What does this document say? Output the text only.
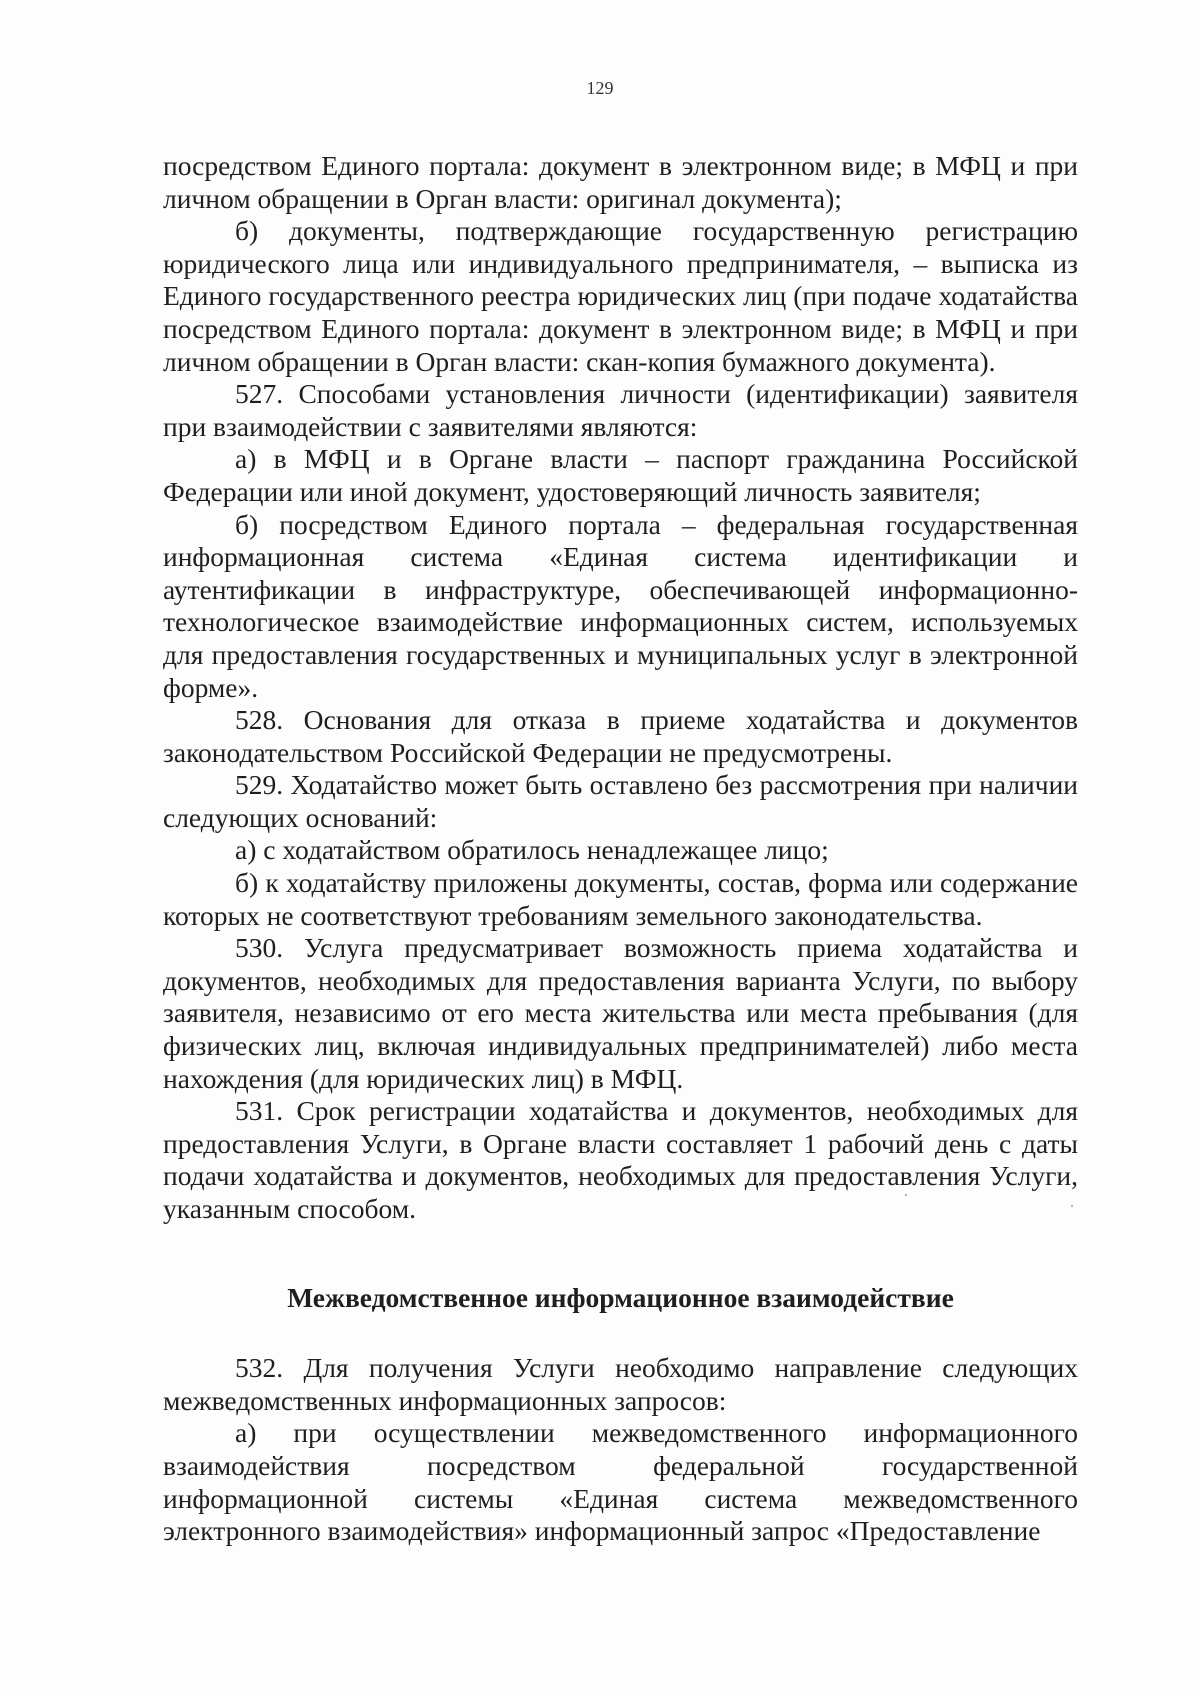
129

посредством Единого портала: документ в электронном виде; в МФЦ и при личном обращении в Орган власти: оригинал документа);

б) документы, подтверждающие государственную регистрацию юридического лица или индивидуального предпринимателя, – выписка из Единого государственного реестра юридических лиц (при подаче ходатайства посредством Единого портала: документ в электронном виде; в МФЦ и при личном обращении в Орган власти: скан-копия бумажного документа).

527. Способами установления личности (идентификации) заявителя при взаимодействии с заявителями являются:

а) в МФЦ и в Органе власти – паспорт гражданина Российской Федерации или иной документ, удостоверяющий личность заявителя;

б) посредством Единого портала – федеральная государственная информационная система «Единая система идентификации и аутентификации в инфраструктуре, обеспечивающей информационно-технологическое взаимодействие информационных систем, используемых для предоставления государственных и муниципальных услуг в электронной форме».

528. Основания для отказа в приеме ходатайства и документов законодательством Российской Федерации не предусмотрены.

529. Ходатайство может быть оставлено без рассмотрения при наличии следующих оснований:

а) с ходатайством обратилось ненадлежащее лицо;

б) к ходатайству приложены документы, состав, форма или содержание которых не соответствуют требованиям земельного законодательства.

530. Услуга предусматривает возможность приема ходатайства и документов, необходимых для предоставления варианта Услуги, по выбору заявителя, независимо от его места жительства или места пребывания (для физических лиц, включая индивидуальных предпринимателей) либо места нахождения (для юридических лиц) в МФЦ.

531. Срок регистрации ходатайства и документов, необходимых для предоставления Услуги, в Органе власти составляет 1 рабочий день с даты подачи ходатайства и документов, необходимых для предоставления Услуги, указанным способом.

Межведомственное информационное взаимодействие

532. Для получения Услуги необходимо направление следующих межведомственных информационных запросов:

а) при осуществлении межведомственного информационного взаимодействия посредством федеральной государственной информационной системы «Единая система межведомственного электронного взаимодействия» информационный запрос «Предоставление
